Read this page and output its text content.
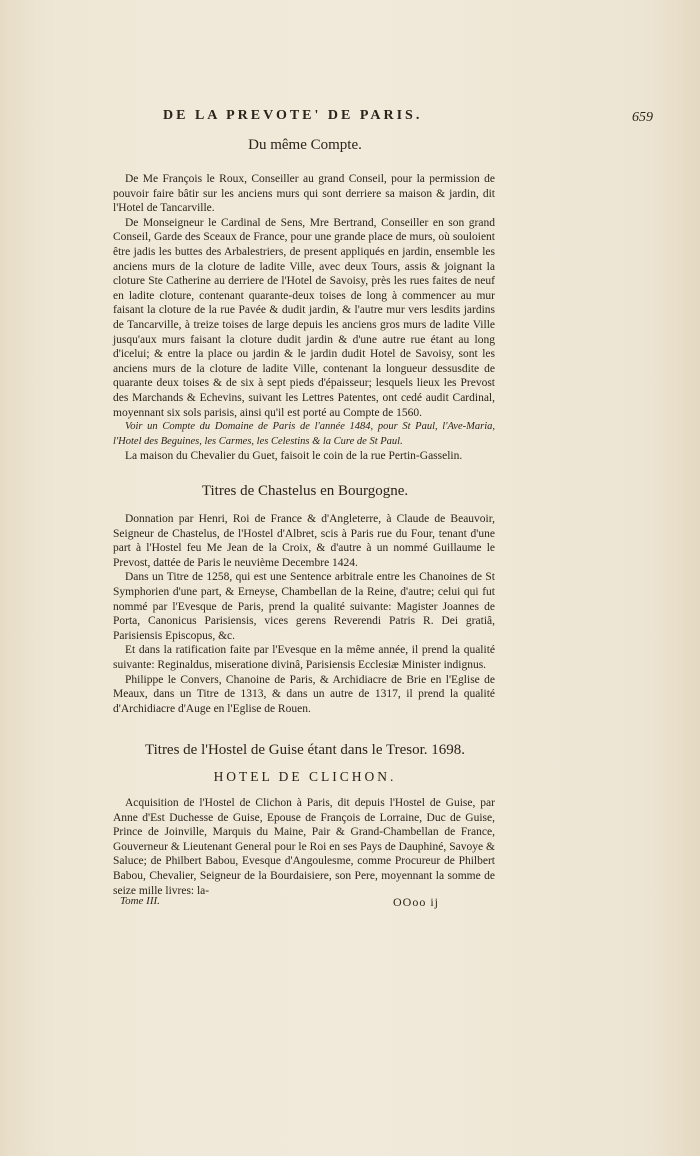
DE LA PREVOTE' DE PARIS.	659
Du même Compte.

De Me François le Roux, Conseiller au grand Conseil, pour la permission de pouvoir faire bâtir sur les anciens murs qui sont derriere sa maison & jardin, dit l'Hotel de Tancarville.

De Monseigneur le Cardinal de Sens, Mre Bertrand, Conseiller en son grand Conseil, Garde des Sceaux de France, pour une grande place de murs, où souloient être jadis les buttes des Arbalestriers, de present appliqués en jardin, ensemble les anciens murs de la cloture de ladite Ville, avec deux Tours, assis & joignant la cloture Ste Catherine au derriere de l'Hotel de Savoisy, près les rues faites de neuf en ladite cloture, contenant quarante-deux toises de long à commencer au mur faisant la cloture de la rue Pavée & dudit jardin, & l'autre mur vers lesdits jardins de Tancarville, à treize toises de large depuis les anciens gros murs de ladite Ville jusqu'aux murs faisant la cloture dudit jardin & d'une autre rue étant au long d'icelui; & entre la place ou jardin & le jardin dudit Hotel de Savoisy, sont les anciens murs de la cloture de ladite Ville, contenant la longueur dessusdite de quarante deux toises & de six à sept pieds d'épaisseur; lesquels lieux les Prevost des Marchands & Echevins, suivant les Lettres Patentes, ont cedé audit Cardinal, moyennant six sols parisis, ainsi qu'il est porté au Compte de 1560.

Voir un Compte du Domaine de Paris de l'année 1484, pour St Paul, l'Ave-Maria, l'Hotel des Beguines, les Carmes, les Celestins & la Cure de St Paul.

La maison du Chevalier du Guet, faisoit le coin de la rue Pertin-Gasselin.

Titres de Chastelus en Bourgogne.

Donnation par Henri, Roi de France & d'Angleterre, à Claude de Beauvoir, Seigneur de Chastelus, de l'Hostel d'Albret, scis à Paris rue du Four, tenant d'une part à l'Hostel feu Me Jean de la Croix, & d'autre à un nommé Guillaume le Prevost, dattée de Paris le neuvième Decembre 1424.

Dans un Titre de 1258, qui est une Sentence arbitrale entre les Chanoines de St Symphorien d'une part, & Erneyse, Chambellan de la Reine, d'autre; celui qui fut nommé par l'Evesque de Paris, prend la qualité suivante: Magister Joannes de Porta, Canonicus Parisiensis, vices gerens Reverendi Patris R. Dei gratiâ, Parisiensis Episcopus, &c.

Et dans la ratification faite par l'Evesque en la même année, il prend la qualité suivante: Reginaldus, miseratione divinâ, Parisiensis Ecclesiæ Minister indignus.

Philippe le Convers, Chanoine de Paris, & Archidiacre de Brie en l'Eglise de Meaux, dans un Titre de 1313, & dans un autre de 1317, il prend la qualité d'Archidiacre d'Auge en l'Eglise de Rouen.

Titres de l'Hostel de Guise étant dans le Tresor. 1698.
HOTEL DE CLICHON.

Acquisition de l'Hostel de Clichon à Paris, dit depuis l'Hostel de Guise, par Anne d'Est Duchesse de Guise, Epouse de François de Lorraine, Duc de Guise, Prince de Joinville, Marquis du Maine, Pair & Grand-Chambellan de France, Gouverneur & Lieutenant General pour le Roi en ses Pays de Dauphiné, Savoye & Saluce; de Philbert Babou, Evesque d'Angoulesme, comme Procureur de Philbert Babou, Chevalier, Seigneur de la Bourdaisiere, son Pere, moyennant la somme de seize mille livres: la-

Tome III.	OOoo ij
